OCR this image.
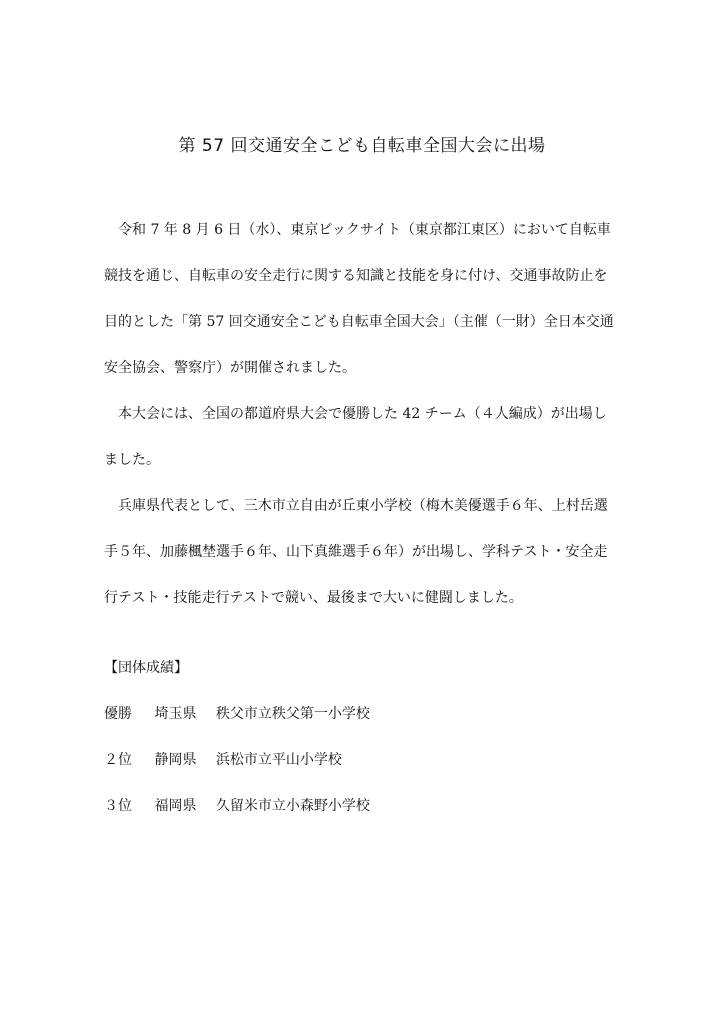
第 57 回交通安全こども自転車全国大会に出場
令和 7 年 8 月 6 日（水）、東京ビックサイト（東京都江東区）において自転車
競技を通じ、自転車の安全走行に関する知識と技能を身に付け、交通事故防止を
目的とした「第 57 回交通安全こども自転車全国大会」（主催（一財）全日本交通
安全協会、警察庁）が開催されました。
本大会には、全国の都道府県大会で優勝した 42 チーム（４人編成）が出場し
ました。
兵庫県代表として、三木市立自由が丘東小学校（梅木美優選手６年、上村岳選
手５年、加藤楓埜選手６年、山下真維選手６年）が出場し、学科テスト・安全走
行テスト・技能走行テストで競い、最後まで大いに健闘しました。
【団体成績】
優勝 埼玉県 秩父市立秩父第一小学校
２位 静岡県 浜松市立平山小学校
３位 福岡県 久留米市立小森野小学校
